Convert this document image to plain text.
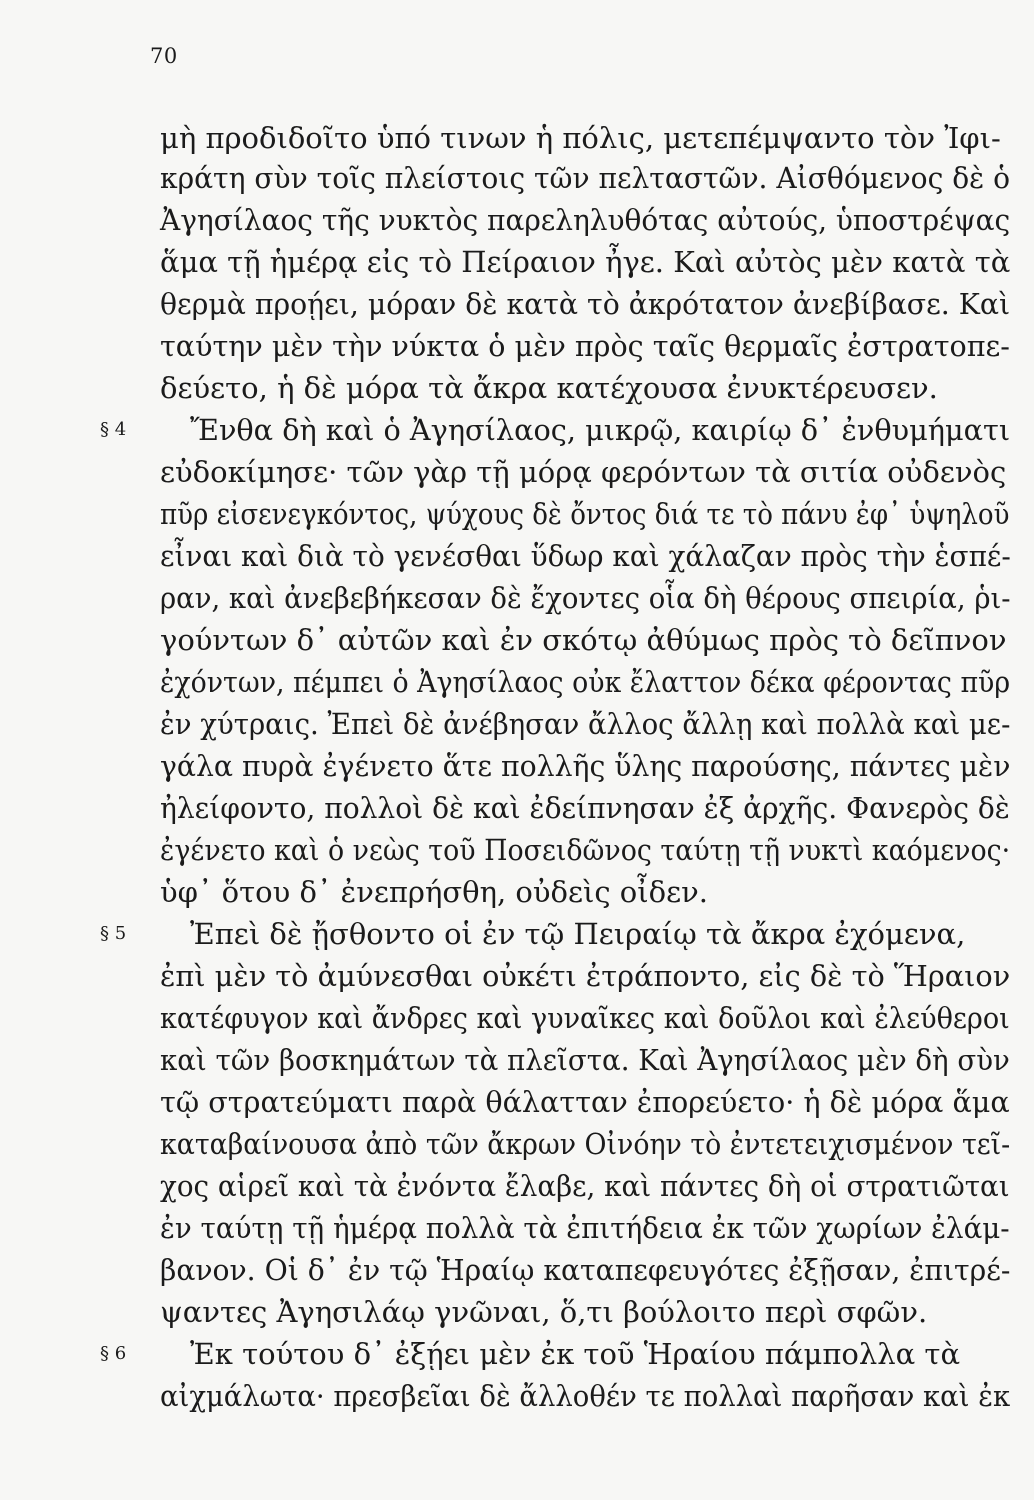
70
μὴ προδιδοῖτο ὑπό τινων ἡ πόλις, μετεπέμψαντο τὸν Ἰφι-
κράτη σὺν τοῖς πλείστοις τῶν πελταστῶν. Αἰσθόμενος δὲ ὁ
Ἀγησίλαος τῆς νυκτὸς παρεληλυθότας αὐτούς, ὑποστρέψας
ἅμα τῇ ἡμέρᾳ εἰς τὸ Πείραιον ἦγε. Καὶ αὐτὸς μὲν κατὰ τὰ
θερμὰ προῄει, μόραν δὲ κατὰ τὸ ἀκρότατον ἀνεβίβασε. Καὶ
ταύτην μὲν τὴν νύκτα ὁ μὲν πρὸς ταῖς θερμαῖς ἐστρατοπε-
δεύετο, ἡ δὲ μόρα τὰ ἄκρα κατέχουσα ἐνυκτέρευσεν.
§ 4 Ἔνθα δὴ καὶ ὁ Ἀγησίλαος, μικρῷ, καιρίῳ δ᾽ ἐνθυμήματι
εὐδοκίμησε· τῶν γὰρ τῇ μόρᾳ φερόντων τὰ σιτία οὐδενὸς
πῦρ εἰσενεγκόντος, ψύχους δὲ ὄντος διά τε τὸ πάνυ ἐφ᾽ ὑψηλοῦ
εἶναι καὶ διὰ τὸ γενέσθαι ὕδωρ καὶ χάλαζαν πρὸς τὴν ἑσπέ-
ραν, καὶ ἀνεβεβήκεσαν δὲ ἔχοντες οἷα δὴ θέρους σπειρία, ῥι-
γούντων δ᾽ αὐτῶν καὶ ἐν σκότῳ ἀθύμως πρὸς τὸ δεῖπνον
ἐχόντων, πέμπει ὁ Ἀγησίλαος οὐκ ἔλαττον δέκα φέροντας πῦρ
ἐν χύτραις. Ἐπεὶ δὲ ἀνέβησαν ἄλλος ἄλλῃ καὶ πολλὰ καὶ με-
γάλα πυρὰ ἐγένετο ἅτε πολλῆς ὕλης παρούσης, πάντες μὲν
ἠλείφοντο, πολλοὶ δὲ καὶ ἐδείπνησαν ἐξ ἀρχῆς. Φανερὸς δὲ
ἐγένετο καὶ ὁ νεὼς τοῦ Ποσειδῶνος ταύτῃ τῇ νυκτὶ καόμενος·
ὑφ᾽ ὅτου δ᾽ ἐνεπρήσθη, οὐδεὶς οἶδεν.
§ 5 Ἐπεὶ δὲ ᾔσθοντο οἱ ἐν τῷ Πειραίῳ τὰ ἄκρα ἐχόμενα,
ἐπὶ μὲν τὸ ἀμύνεσθαι οὐκέτι ἐτράποντο, εἰς δὲ τὸ Ἥραιον
κατέφυγον καὶ ἄνδρες καὶ γυναῖκες καὶ δοῦλοι καὶ ἐλεύθεροι
καὶ τῶν βοσκημάτων τὰ πλεῖστα. Καὶ Ἀγησίλαος μὲν δὴ σὺν
τῷ στρατεύματι παρὰ θάλατταν ἐπορεύετο· ἡ δὲ μόρα ἅμα
καταβαίνουσα ἀπὸ τῶν ἄκρων Οἰνόην τὸ ἐντετειχισμένον τεῖ-
χος αἱρεῖ καὶ τὰ ἐνόντα ἔλαβε, καὶ πάντες δὴ οἱ στρατιῶται
ἐν ταύτῃ τῇ ἡμέρᾳ πολλὰ τὰ ἐπιτήδεια ἐκ τῶν χωρίων ἐλάμ-
βανον. Οἱ δ᾽ ἐν τῷ Ἡραίῳ καταπεφευγότες ἐξῇσαν, ἐπιτρέ-
ψαντες Ἀγησιλάῳ γνῶναι, ὅ,τι βούλοιτο περὶ σφῶν.
§ 6 Ἐκ τούτου δ᾽ ἐξῄει μὲν ἐκ τοῦ Ἡραίου πάμπολλα τὰ
αἰχμάλωτα· πρεσβεῖαι δὲ ἄλλοθέν τε πολλαὶ παρῆσαν καὶ ἐκ
